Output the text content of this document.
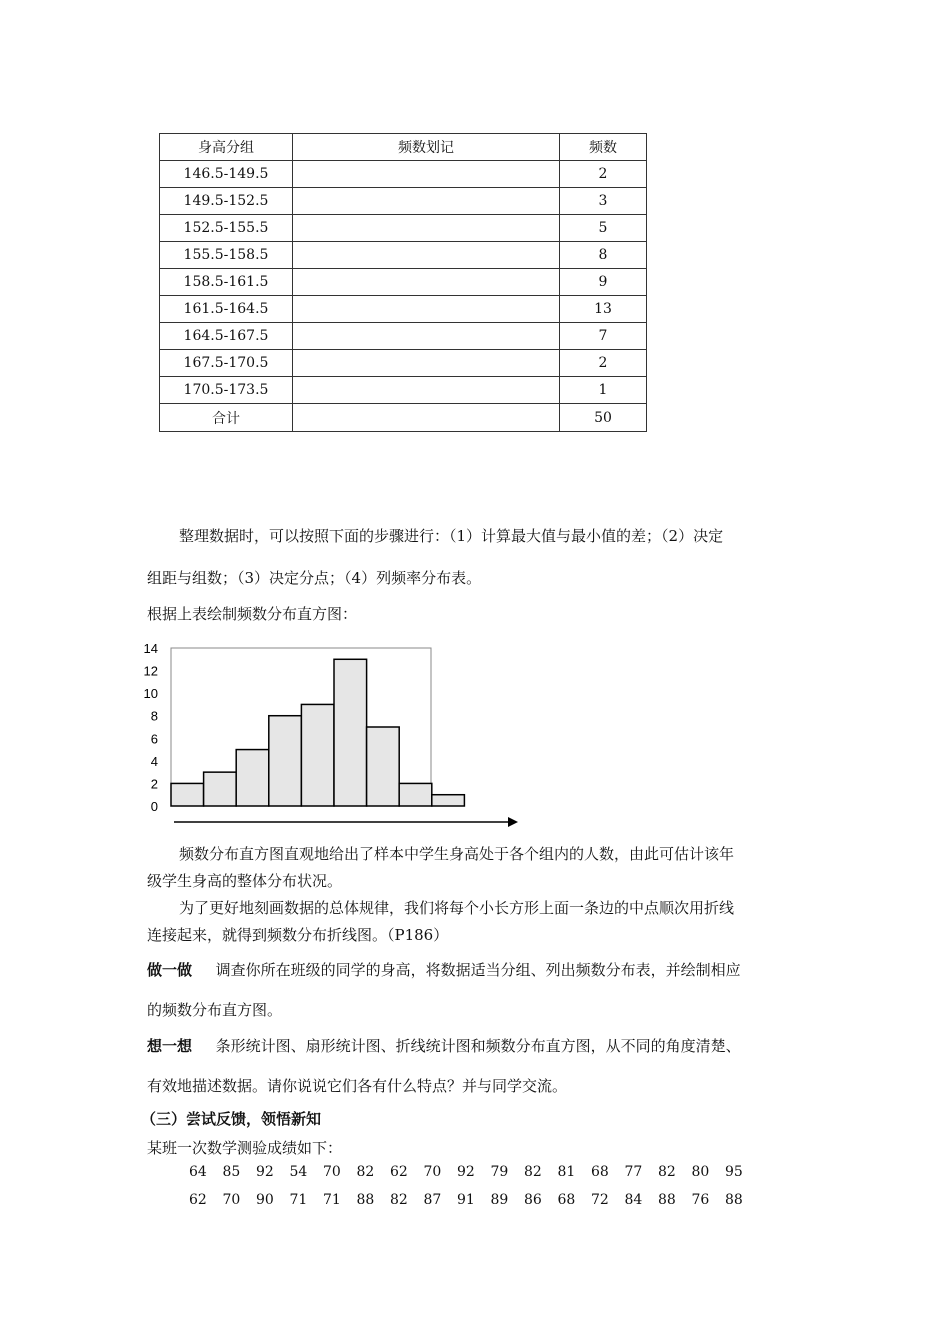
身高分组	频数划记	频数
146.5-149.5		2
149.5-152.5		3
152.5-155.5		5
155.5-158.5		8
158.5-161.5		9
161.5-164.5		13
164.5-167.5		7
167.5-170.5		2
170.5-173.5		1
合计		50
整理数据时，可以按照下面的步骤进行：（1）计算最大值与最小值的差；（2）决定
组距与组数；（3）决定分点；（4）列频率分布表。
根据上表绘制频数分布直方图：
0
2
4
6
8
10
12
14
频数分布直方图直观地给出了样本中学生身高处于各个组内的人数，由此可估计该年
级学生身高的整体分布状况。
为了更好地刻画数据的总体规律，我们将每个小长方形上面一条边的中点顺次用折线
连接起来，就得到频数分布折线图。（P186）
做一做 调查你所在班级的同学的身高，将数据适当分组、列出频数分布表，并绘制相应
的频数分布直方图。
想一想 条形统计图、扇形统计图、折线统计图和频数分布直方图，从不同的角度清楚、
有效地描述数据。请你说说它们各有什么特点？并与同学交流。
（三）尝试反馈，领悟新知
某班一次数学测验成绩如下：
64 85 92 54 70 82 62 70 92 79 82 81 68 77 82 80 95
62 70 90 71 71 88 82 87 91 89 86 68 72 84 88 76 88
